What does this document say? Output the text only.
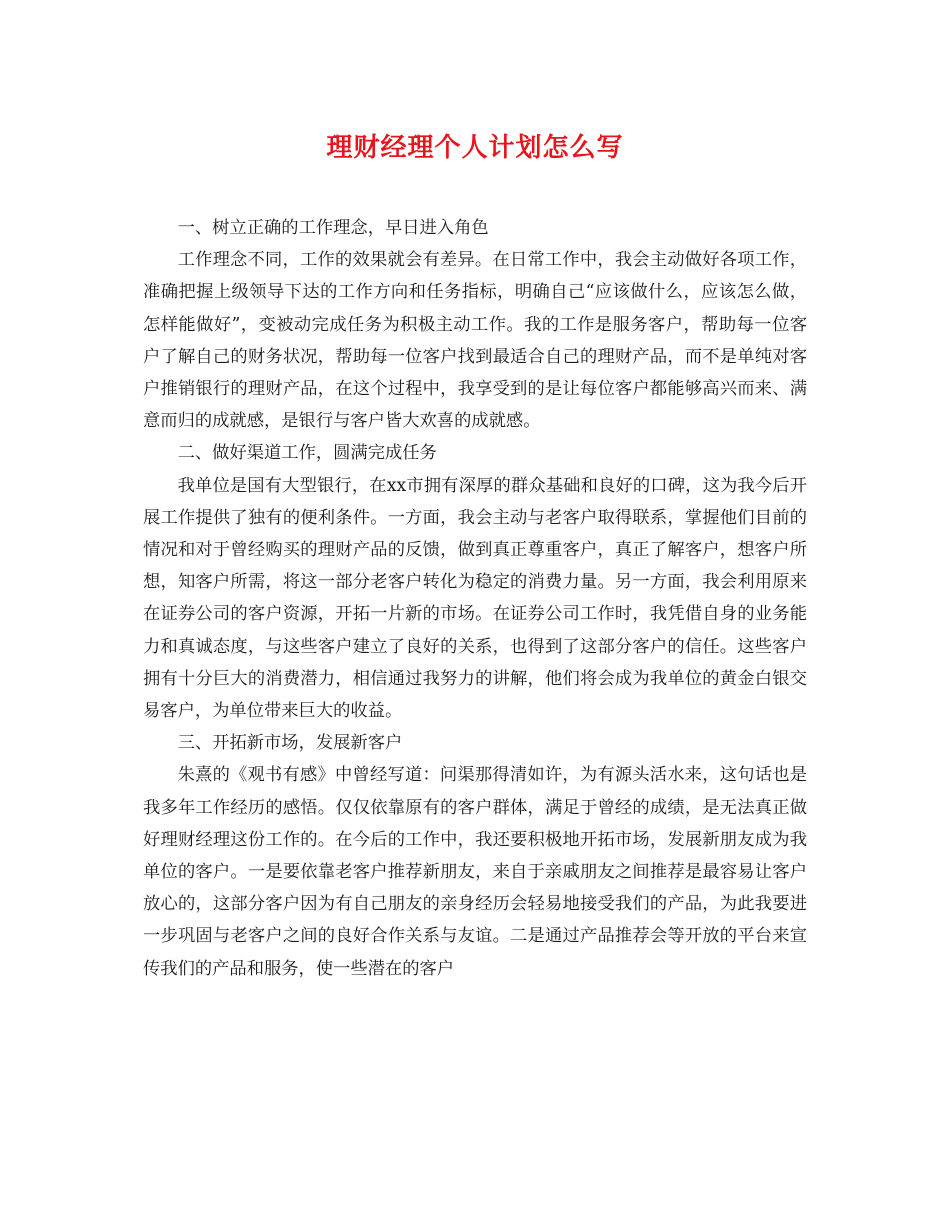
理财经理个人计划怎么写

一、树立正确的工作理念，早日进入角色

工作理念不同，工作的效果就会有差异。在日常工作中，我会主动做好各项工作，准确把握上级领导下达的工作方向和任务指标，明确自己“应该做什么，应该怎么做，怎样能做好”，变被动完成任务为积极主动工作。我的工作是服务客户，帮助每一位客户了解自己的财务状况，帮助每一位客户找到最适合自己的理财产品，而不是单纯对客户推销银行的理财产品，在这个过程中，我享受到的是让每位客户都能够高兴而来、满意而归的成就感，是银行与客户皆大欢喜的成就感。

二、做好渠道工作，圆满完成任务

我单位是国有大型银行，在xx市拥有深厚的群众基础和良好的口碑，这为我今后开展工作提供了独有的便利条件。一方面，我会主动与老客户取得联系，掌握他们目前的情况和对于曾经购买的理财产品的反馈，做到真正尊重客户，真正了解客户，想客户所想，知客户所需，将这一部分老客户转化为稳定的消费力量。另一方面，我会利用原来在证券公司的客户资源，开拓一片新的市场。在证券公司工作时，我凭借自身的业务能力和真诚态度，与这些客户建立了良好的关系，也得到了这部分客户的信任。这些客户拥有十分巨大的消费潜力，相信通过我努力的讲解，他们将会成为我单位的黄金白银交易客户，为单位带来巨大的收益。

三、开拓新市场，发展新客户

朱熹的《观书有感》中曾经写道：问渠那得清如许，为有源头活水来，这句话也是我多年工作经历的感悟。仅仅依靠原有的客户群体，满足于曾经的成绩，是无法真正做好理财经理这份工作的。在今后的工作中，我还要积极地开拓市场，发展新朋友成为我单位的客户。一是要依靠老客户推荐新朋友，来自于亲戚朋友之间推荐是最容易让客户放心的，这部分客户因为有自己朋友的亲身经历会轻易地接受我们的产品，为此我要进一步巩固与老客户之间的良好合作关系与友谊。二是通过产品推荐会等开放的平台来宣传我们的产品和服务，使一些潜在的客户
